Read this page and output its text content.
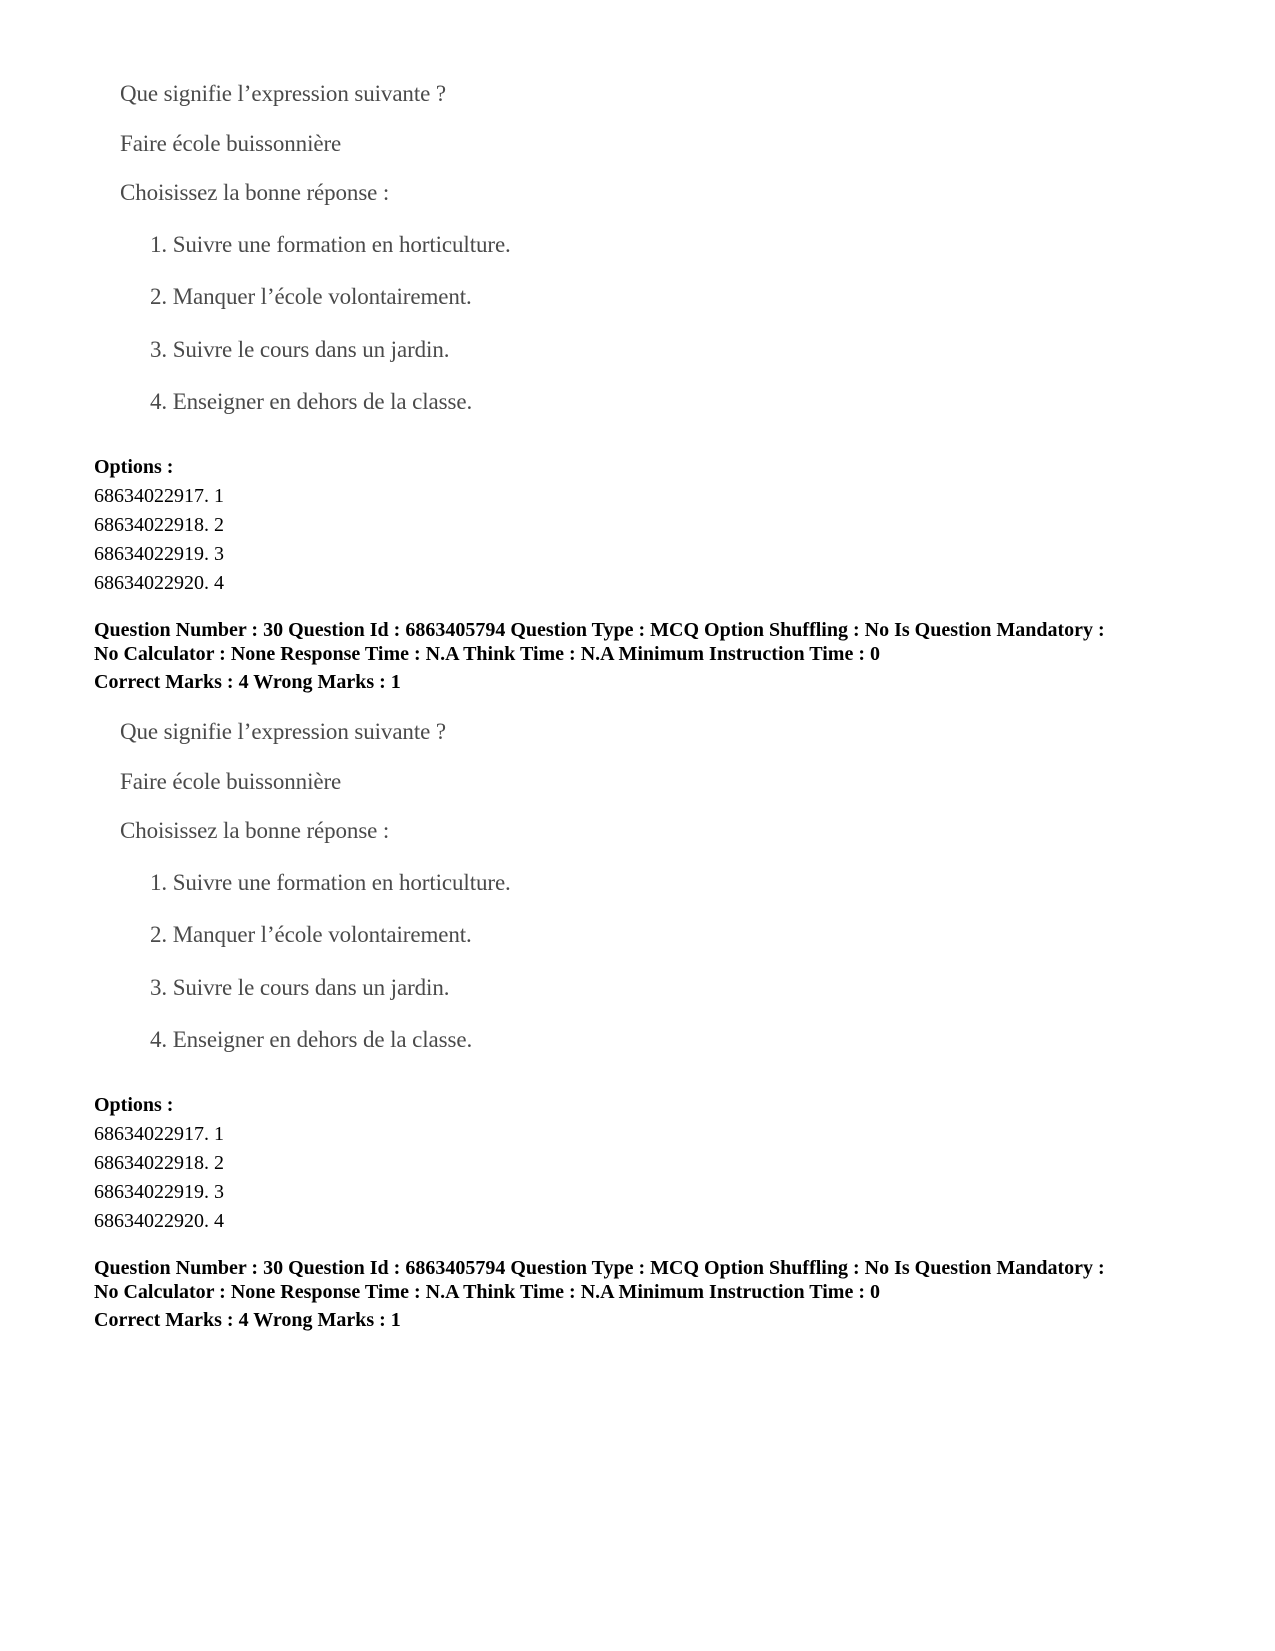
Que signifie l’expression suivante ?
Faire école buissonnière
Choisissez la bonne réponse :
1. Suivre une formation en horticulture.
2. Manquer l’école volontairement.
3. Suivre le cours dans un jardin.
4. Enseigner en dehors de la classe.
Options :
68634022917. 1
68634022918. 2
68634022919. 3
68634022920. 4
Question Number : 30 Question Id : 6863405794 Question Type : MCQ Option Shuffling : No Is Question Mandatory :
No Calculator : None Response Time : N.A Think Time : N.A Minimum Instruction Time : 0
Correct Marks : 4 Wrong Marks : 1
Que signifie l’expression suivante ?
Faire école buissonnière
Choisissez la bonne réponse :
1. Suivre une formation en horticulture.
2. Manquer l’école volontairement.
3. Suivre le cours dans un jardin.
4. Enseigner en dehors de la classe.
Options :
68634022917. 1
68634022918. 2
68634022919. 3
68634022920. 4
Question Number : 30 Question Id : 6863405794 Question Type : MCQ Option Shuffling : No Is Question Mandatory :
No Calculator : None Response Time : N.A Think Time : N.A Minimum Instruction Time : 0
Correct Marks : 4 Wrong Marks : 1
